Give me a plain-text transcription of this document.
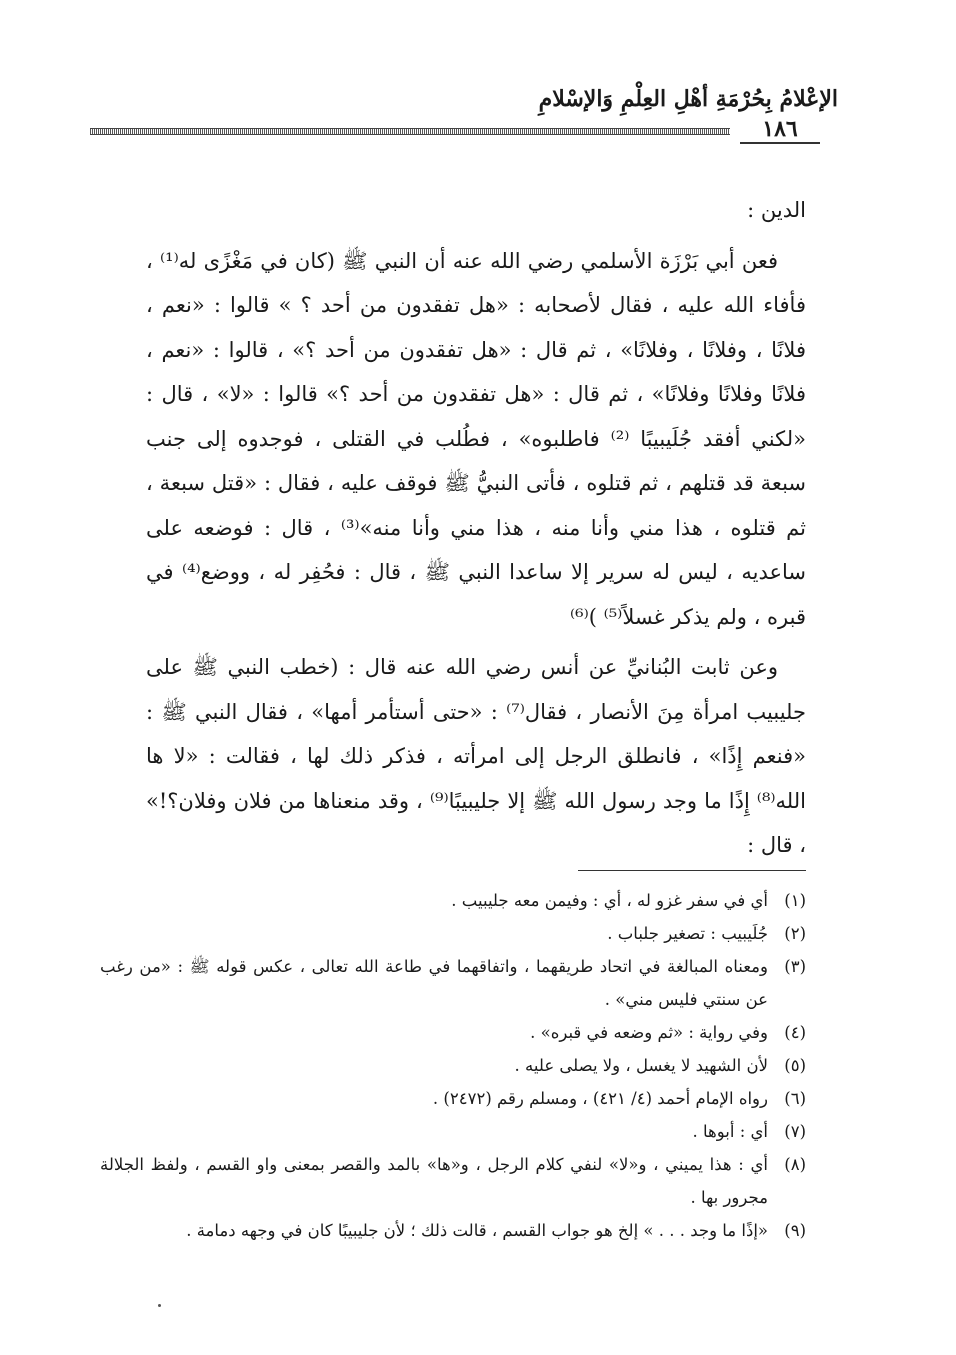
الإعْلامُ بِحُرْمَةِ أهْلِ العِلْمِ وَالإسْلامِ
١٨٦

الدين :

فعن أبي بَرْزَة الأسلمي رضي الله عنه أن النبي ﷺ (كان في مَغْزًى له⁽¹⁾ ، فأفاء الله عليه ، فقال لأصحابه : «هل تفقدون من أحد ؟ » قالوا : «نعم ، فلانًا ، وفلانًا ، وفلانًا» ، ثم قال : «هل تفقدون من أحد ؟» ، قالوا : «نعم ، فلانًا وفلانًا وفلانًا» ، ثم قال : «هل تفقدون من أحد ؟» قالوا : «لا» ، قال : «لكني أفقد جُلَيبيبًا ⁽²⁾ فاطلبوه» ، فطُلب في القتلى ، فوجدوه إلى جنب سبعة قد قتلهم ، ثم قتلوه ، فأتى النبيُّ ﷺ فوقف عليه ، فقال : «قتل سبعة ، ثم قتلوه ، هذا مني وأنا منه ، هذا مني وأنا منه»⁽³⁾ ، قال : فوضعه على ساعديه ، ليس له سرير إلا ساعدا النبي ﷺ ، قال : فحُفِر له ، ووضع⁽⁴⁾ في قبره ، ولم يذكر غسلاً⁽⁵⁾ )⁽⁶⁾

وعن ثابت البُنانيِّ عن أنس رضي الله عنه قال : (خطب النبي ﷺ على جليبيب امرأة مِنَ الأنصار ، فقال⁽⁷⁾ : «حتى أستأمر أمها» ، فقال النبي ﷺ : «فنعم إِذًا» ، فانطلق الرجل إلى امرأته ، فذكر ذلك لها ، فقالت : «لا ها الله⁽⁸⁾ إِذًا ما وجد رسول الله ﷺ إلا جليبيبًا⁽⁹⁾ ، وقد منعناها من فلان وفلان؟!» ، قال :

(١)
أي في سفر غزو له ، أي : وفيمن معه جليبيب .
(٢)
جُلَيبيب : تصغير جلباب .
(٣)
ومعناه المبالغة في اتحاد طريقهما ، واتفاقهما في طاعة الله تعالى ، عكس قوله ﷺ : «من رغب عن سنتي فليس مني» .
(٤)
وفي رواية : «ثم وضعه في قبره» .
(٥)
لأن الشهيد لا يغسل ، ولا يصلى عليه .
(٦)
رواه الإمام أحمد (٤/ ٤٢١) ، ومسلم رقم (٢٤٧٢) .
(٧)
أي : أبوها .
(٨)
أي : هذا يميني ، و«لا» لنفي كلام الرجل ، و«ها» بالمد والقصر بمعنى واو القسم ، ولفظ الجلالة مجرور بها .
(٩)
«إذًا ما وجد . . . » إلخ هو جواب القسم ، قالت ذلك ؛ لأن جليبيبًا كان في وجهه دمامة .
